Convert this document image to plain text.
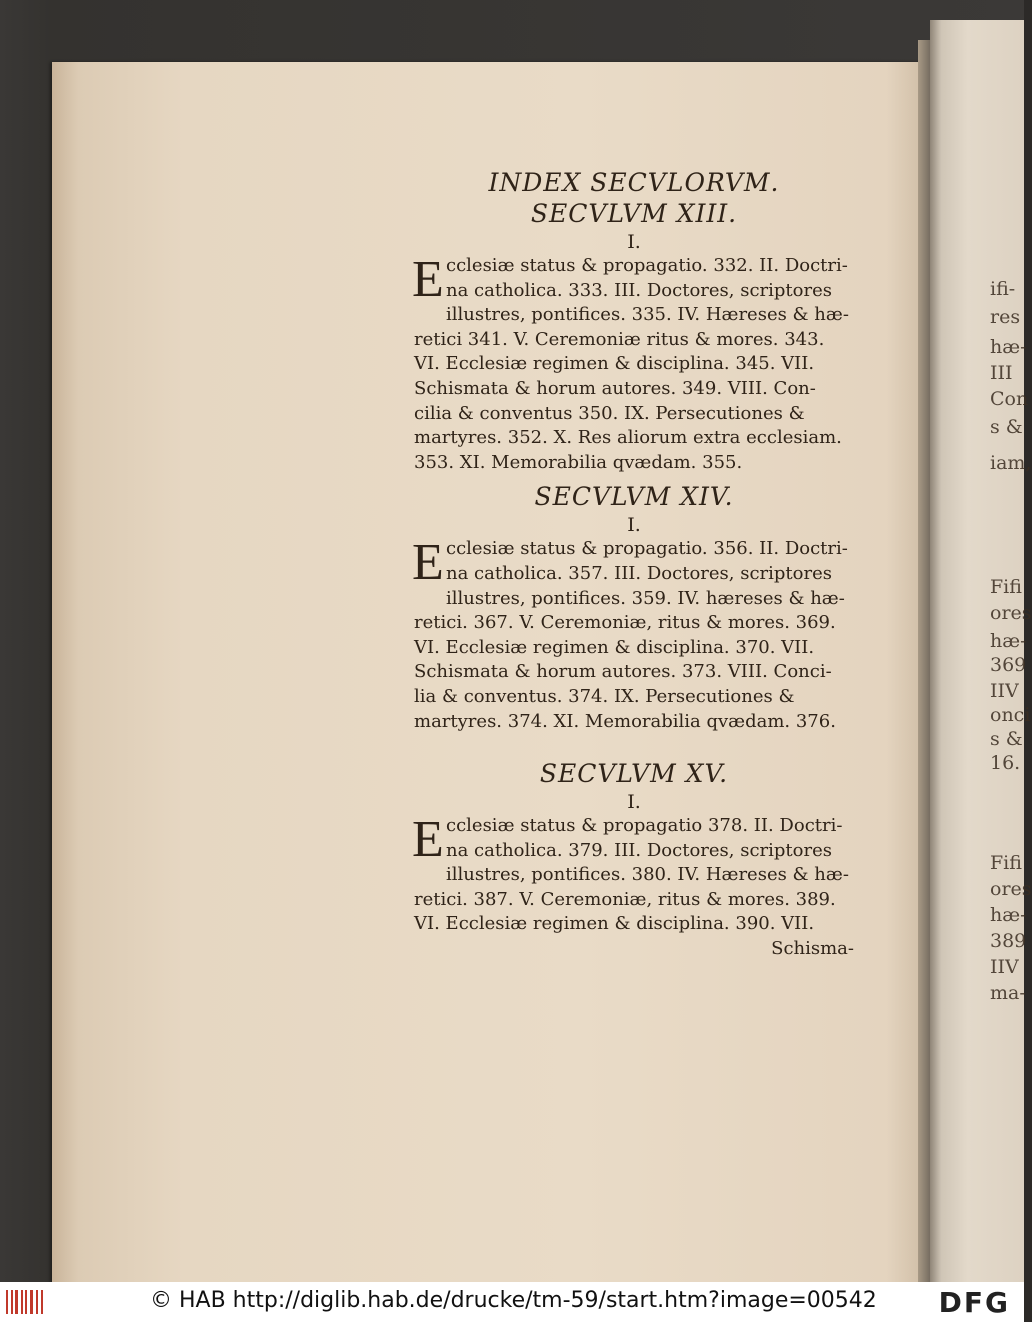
ifi-
res
hæ-
III
Con
s &
iam,
Fifi
ores
hæ-
369
IIV
onci
s &
16.
Fifi
ores
hæ-
389
IIV
ma-

INDEX SECVLORVM.

SECVLVM XIII.

I.

E cclesiæ status & propagatio. 332. II. Doctri-
na catholica. 333. III. Doctores, scriptores
illustres, pontifices. 335. IV. Hæreses & hæ-
retici 341. V. Ceremoniæ ritus & mores. 343.
VI. Ecclesiæ regimen & disciplina. 345. VII.
Schismata & horum autores. 349. VIII. Con-
cilia & conventus 350. IX. Persecutiones &
martyres. 352. X. Res aliorum extra ecclesiam.
353. XI. Memorabilia qvædam. 355.

SECVLVM XIV.

I.

E cclesiæ status & propagatio. 356. II. Doctri-
na catholica. 357. III. Doctores, scriptores
illustres, pontifices. 359. IV. hæreses & hæ-
retici. 367. V. Ceremoniæ, ritus & mores. 369.
VI. Ecclesiæ regimen & disciplina. 370. VII.
Schismata & horum autores. 373. VIII. Conci-
lia & conventus. 374. IX. Persecutiones &
martyres. 374. XI. Memorabilia qvædam. 376.

SECVLVM XV.

I.

E cclesiæ status & propagatio 378. II. Doctri-
na catholica. 379. III. Doctores, scriptores
illustres, pontifices. 380. IV. Hæreses & hæ-
retici. 387. V. Ceremoniæ, ritus & mores. 389.
VI. Ecclesiæ regimen & disciplina. 390. VII.
Schisma-
© HAB http://diglib.hab.de/drucke/tm-59/start.htm?image=00542 DFG
